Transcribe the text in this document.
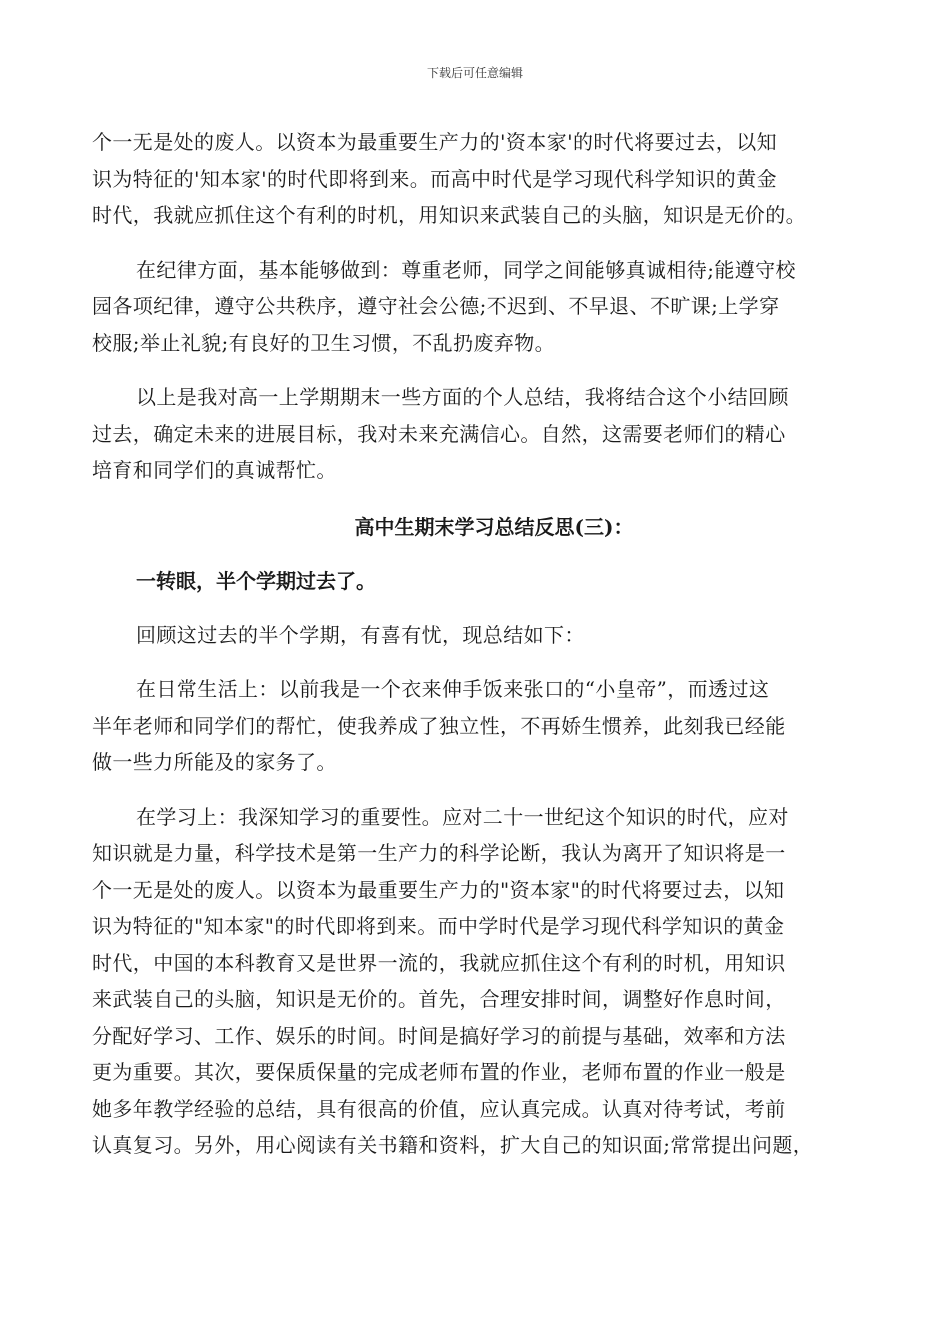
下载后可任意编辑
个一无是处的废人。以资本为最重要生产力的'资本家'的时代将要过去，以知
识为特征的'知本家'的时代即将到来。而高中时代是学习现代科学知识的黄金
时代，我就应抓住这个有利的时机，用知识来武装自己的头脑，知识是无价的。
在纪律方面，基本能够做到：尊重老师，同学之间能够真诚相待;能遵守校
园各项纪律，遵守公共秩序，遵守社会公德;不迟到、不早退、不旷课;上学穿
校服;举止礼貌;有良好的卫生习惯，不乱扔废弃物。
以上是我对高一上学期期末一些方面的个人总结，我将结合这个小结回顾
过去，确定未来的进展目标，我对未来充满信心。自然，这需要老师们的精心
培育和同学们的真诚帮忙。
高中生期末学习总结反思(三)：
一转眼，半个学期过去了。
回顾这过去的半个学期，有喜有忧，现总结如下：
在日常生活上：以前我是一个衣来伸手饭来张口的“小皇帝”，而透过这
半年老师和同学们的帮忙，使我养成了独立性，不再娇生惯养，此刻我已经能
做一些力所能及的家务了。
在学习上：我深知学习的重要性。应对二十一世纪这个知识的时代，应对
知识就是力量，科学技术是第一生产力的科学论断，我认为离开了知识将是一
个一无是处的废人。以资本为最重要生产力的"资本家"的时代将要过去，以知
识为特征的"知本家"的时代即将到来。而中学时代是学习现代科学知识的黄金
时代，中国的本科教育又是世界一流的，我就应抓住这个有利的时机，用知识
来武装自己的头脑，知识是无价的。首先，合理安排时间，调整好作息时间，
分配好学习、工作、娱乐的时间。时间是搞好学习的前提与基础，效率和方法
更为重要。其次，要保质保量的完成老师布置的作业，老师布置的作业一般是
她多年教学经验的总结，具有很高的价值，应认真完成。认真对待考试，考前
认真复习。另外，用心阅读有关书籍和资料，扩大自己的知识面;常常提出问题，
